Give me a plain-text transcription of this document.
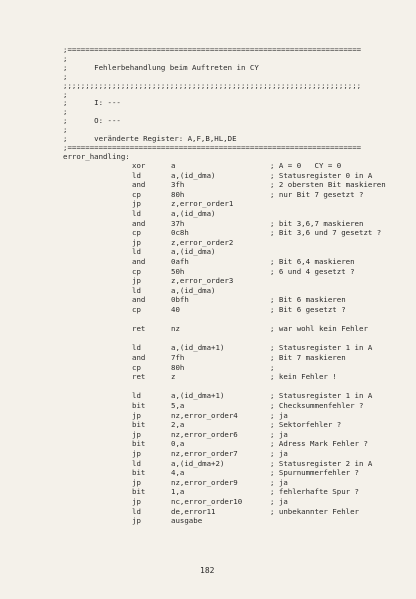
;==================================================================
;
;      Fehlerbehandlung beim Auftreten in CY
;
;;;;;;;;;;;;;;;;;;;;;;;;;;;;;;;;;;;;;;;;;;;;;;;;;;;;;;;;;;;;;;;;;;;
;
;      I: ---
;
;      O: ---
;
;      veränderte Register: A,F,B,HL,DE
;==================================================================
error_handling:
xor	a	; A = 0   CY = 0
ld	a,(id_dma)	; Statusregister 0 in A
and	3fh	; 2 obersten Bit maskieren
cp	80h	; nur Bit 7 gesetzt ?
jp	z,error_order1
ld	a,(id_dma)
and	37h	; bit 3,6,7 maskieren
cp	0c8h	; Bit 3,6 und 7 gesetzt ?
jp	z,error_order2
ld	a,(id_dma)
and	0afh	; Bit 6,4 maskieren
cp	50h	; 6 und 4 gesetzt ?
jp	z,error_order3
ld	a,(id_dma)
and	0bfh	; Bit 6 maskieren
cp	40	; Bit 6 gesetzt ?
ret	nz	; war wohl kein Fehler
ld	a,(id_dma+1)	; Statusregister 1 in A
and	7fh	; Bit 7 maskieren
cp	80h	;
ret	z	; kein Fehler !
ld	a,(id_dma+1)	; Statusregister 1 in A
bit	5,a	; Checksummenfehler ?
jp	nz,error_order4	; ja
bit	2,a	; Sektorfehler ?
jp	nz,error_order6	; ja
bit	0,a	; Adress Mark Fehler ?
jp	nz,error_order7	; ja
ld	a,(id_dma+2)	; Statusregister 2 in A
bit	4,a	; Spurnummerfehler ?
jp	nz,error_order9	; ja
bit	1,a	; fehlerhafte Spur ?
jp	nc,error_order10	; ja
ld	de,error11	; unbekannter Fehler
jp	ausgabe
182
